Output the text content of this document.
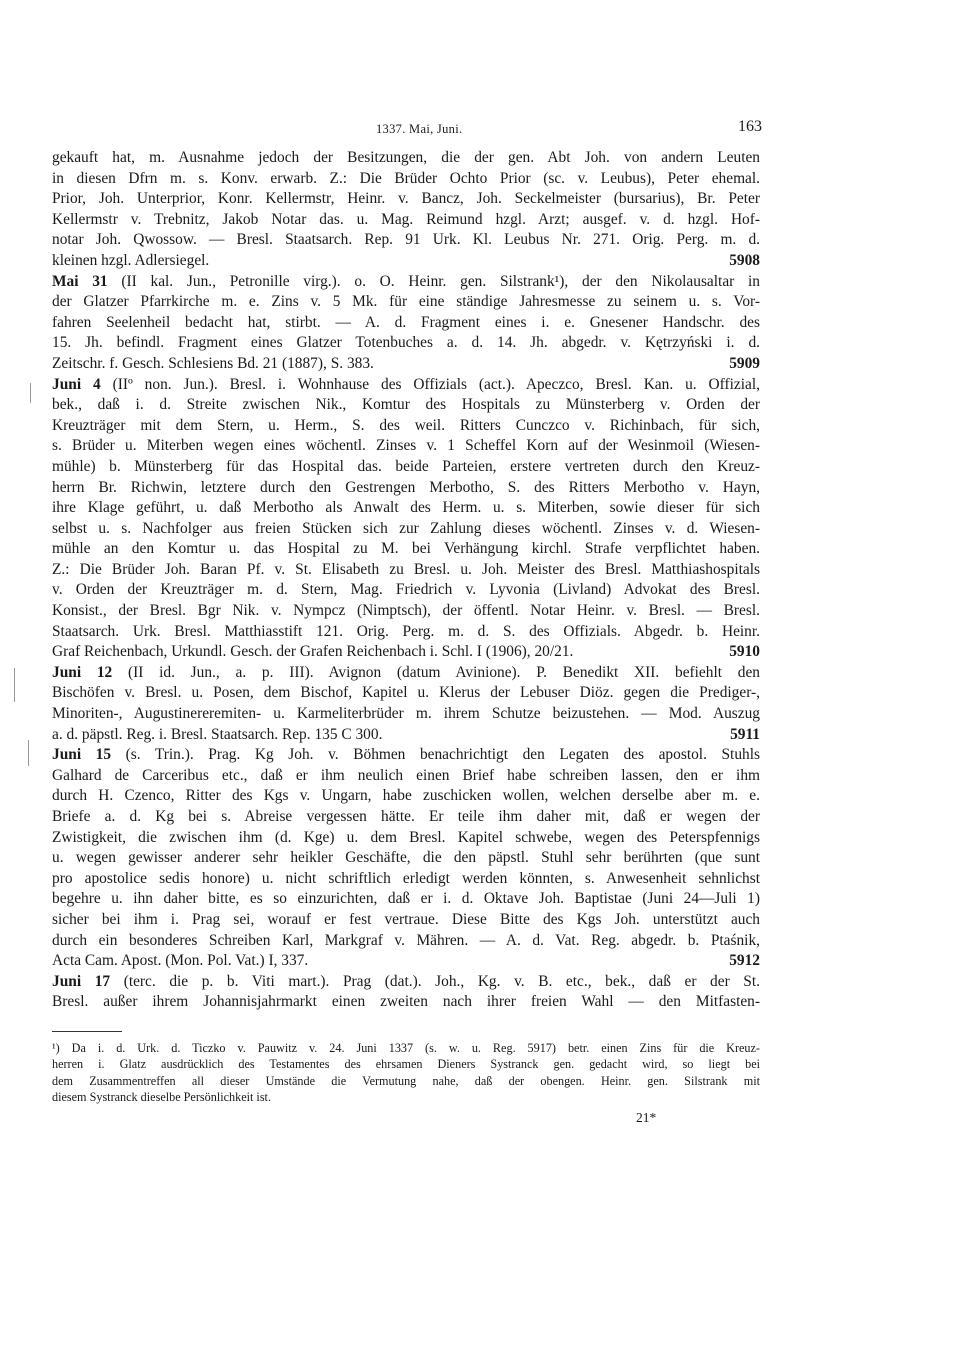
1337. Mai, Juni.	163
gekauft hat, m. Ausnahme jedoch der Besitzungen, die der gen. Abt Joh. von andern Leuten
in diesen Dfrn m. s. Konv. erwarb. Z.: Die Brüder Ochto Prior (sc. v. Leubus), Peter ehemal.
Prior, Joh. Unterprior, Konr. Kellermstr, Heinr. v. Bancz, Joh. Seckelmeister (bursarius), Br. Peter
Kellermstr v. Trebnitz, Jakob Notar das. u. Mag. Reimund hzgl. Arzt; ausgef. v. d. hzgl. Hof-
notar Joh. Qwossow. — Bresl. Staatsarch. Rep. 91 Urk. Kl. Leubus Nr. 271. Orig. Perg. m. d.
kleinen hzgl. Adlersiegel.	5908
Mai 31 (II kal. Jun., Petronille virg.). o. O. Heinr. gen. Silstrank¹), der den Nikolausaltar in
der Glatzer Pfarrkirche m. e. Zins v. 5 Mk. für eine ständige Jahresmesse zu seinem u. s. Vor-
fahren Seelenheil bedacht hat, stirbt. — A. d. Fragment eines i. e. Gnesener Handschr. des
15. Jh. befindl. Fragment eines Glatzer Totenbuches a. d. 14. Jh. abgedr. v. Kętrzyński i. d.
Zeitschr. f. Gesch. Schlesiens Bd. 21 (1887), S. 383.	5909
Juni 4 (IIº non. Jun.). Bresl. i. Wohnhause des Offizials (act.). Apeczco, Bresl. Kan. u. Offizial,
bek., daß i. d. Streite zwischen Nik., Komtur des Hospitals zu Münsterberg v. Orden der
Kreuzträger mit dem Stern, u. Herm., S. des weil. Ritters Cunczco v. Richinbach, für sich,
s. Brüder u. Miterben wegen eines wöchentl. Zinses v. 1 Scheffel Korn auf der Wesinmoil (Wiesen-
mühle) b. Münsterberg für das Hospital das. beide Parteien, erstere vertreten durch den Kreuz-
herrn Br. Richwin, letztere durch den Gestrengen Merbotho, S. des Ritters Merbotho v. Hayn,
ihre Klage geführt, u. daß Merbotho als Anwalt des Herm. u. s. Miterben, sowie dieser für sich
selbst u. s. Nachfolger aus freien Stücken sich zur Zahlung dieses wöchentl. Zinses v. d. Wiesen-
mühle an den Komtur u. das Hospital zu M. bei Verhängung kirchl. Strafe verpflichtet haben.
Z.: Die Brüder Joh. Baran Pf. v. St. Elisabeth zu Bresl. u. Joh. Meister des Bresl. Matthiashospitals
v. Orden der Kreuzträger m. d. Stern, Mag. Friedrich v. Lyvonia (Livland) Advokat des Bresl.
Konsist., der Bresl. Bgr Nik. v. Nympcz (Nimptsch), der öffentl. Notar Heinr. v. Bresl. — Bresl.
Staatsarch. Urk. Bresl. Matthiasstift 121. Orig. Perg. m. d. S. des Offizials. Abgedr. b. Heinr.
Graf Reichenbach, Urkundl. Gesch. der Grafen Reichenbach i. Schl. I (1906), 20/21.	5910
Juni 12 (II id. Jun., a. p. III). Avignon (datum Avinione). P. Benedikt XII. befiehlt den
Bischöfen v. Bresl. u. Posen, dem Bischof, Kapitel u. Klerus der Lebuser Diöz. gegen die Prediger-,
Minoriten-, Augustinereremiten- u. Karmeliterbrüder m. ihrem Schutze beizustehen. — Mod. Auszug
a. d. päpstl. Reg. i. Bresl. Staatsarch. Rep. 135 C 300.	5911
Juni 15 (s. Trin.). Prag. Kg Joh. v. Böhmen benachrichtigt den Legaten des apostol. Stuhls
Galhard de Carceribus etc., daß er ihm neulich einen Brief habe schreiben lassen, den er ihm
durch H. Czenco, Ritter des Kgs v. Ungarn, habe zuschicken wollen, welchen derselbe aber m. e.
Briefe a. d. Kg bei s. Abreise vergessen hätte. Er teile ihm daher mit, daß er wegen der
Zwistigkeit, die zwischen ihm (d. Kge) u. dem Bresl. Kapitel schwebe, wegen des Peterspfennigs
u. wegen gewisser anderer sehr heikler Geschäfte, die den päpstl. Stuhl sehr berührten (que sunt
pro apostolice sedis honore) u. nicht schriftlich erledigt werden könnten, s. Anwesenheit sehnlichst
begehre u. ihn daher bitte, es so einzurichten, daß er i. d. Oktave Joh. Baptistae (Juni 24—Juli 1)
sicher bei ihm i. Prag sei, worauf er fest vertraue. Diese Bitte des Kgs Joh. unterstützt auch
durch ein besonderes Schreiben Karl, Markgraf v. Mähren. — A. d. Vat. Reg. abgedr. b. Ptaśnik,
Acta Cam. Apost. (Mon. Pol. Vat.) I, 337.	5912
Juni 17 (terc. die p. b. Viti mart.). Prag (dat.). Joh., Kg. v. B. etc., bek., daß er der St.
Bresl. außer ihrem Johannisjahrmarkt einen zweiten nach ihrer freien Wahl — den Mitfasten-
¹) Da i. d. Urk. d. Ticzko v. Pauwitz v. 24. Juni 1337 (s. w. u. Reg. 5917) betr. einen Zins für die Kreuz-
herren i. Glatz ausdrücklich des Testamentes des ehrsamen Dieners Systranck gen. gedacht wird, so liegt bei
dem Zusammentreffen all dieser Umstände die Vermutung nahe, daß der obengen. Heinr. gen. Silstrank mit
diesem Systranck dieselbe Persönlichkeit ist.
21*
